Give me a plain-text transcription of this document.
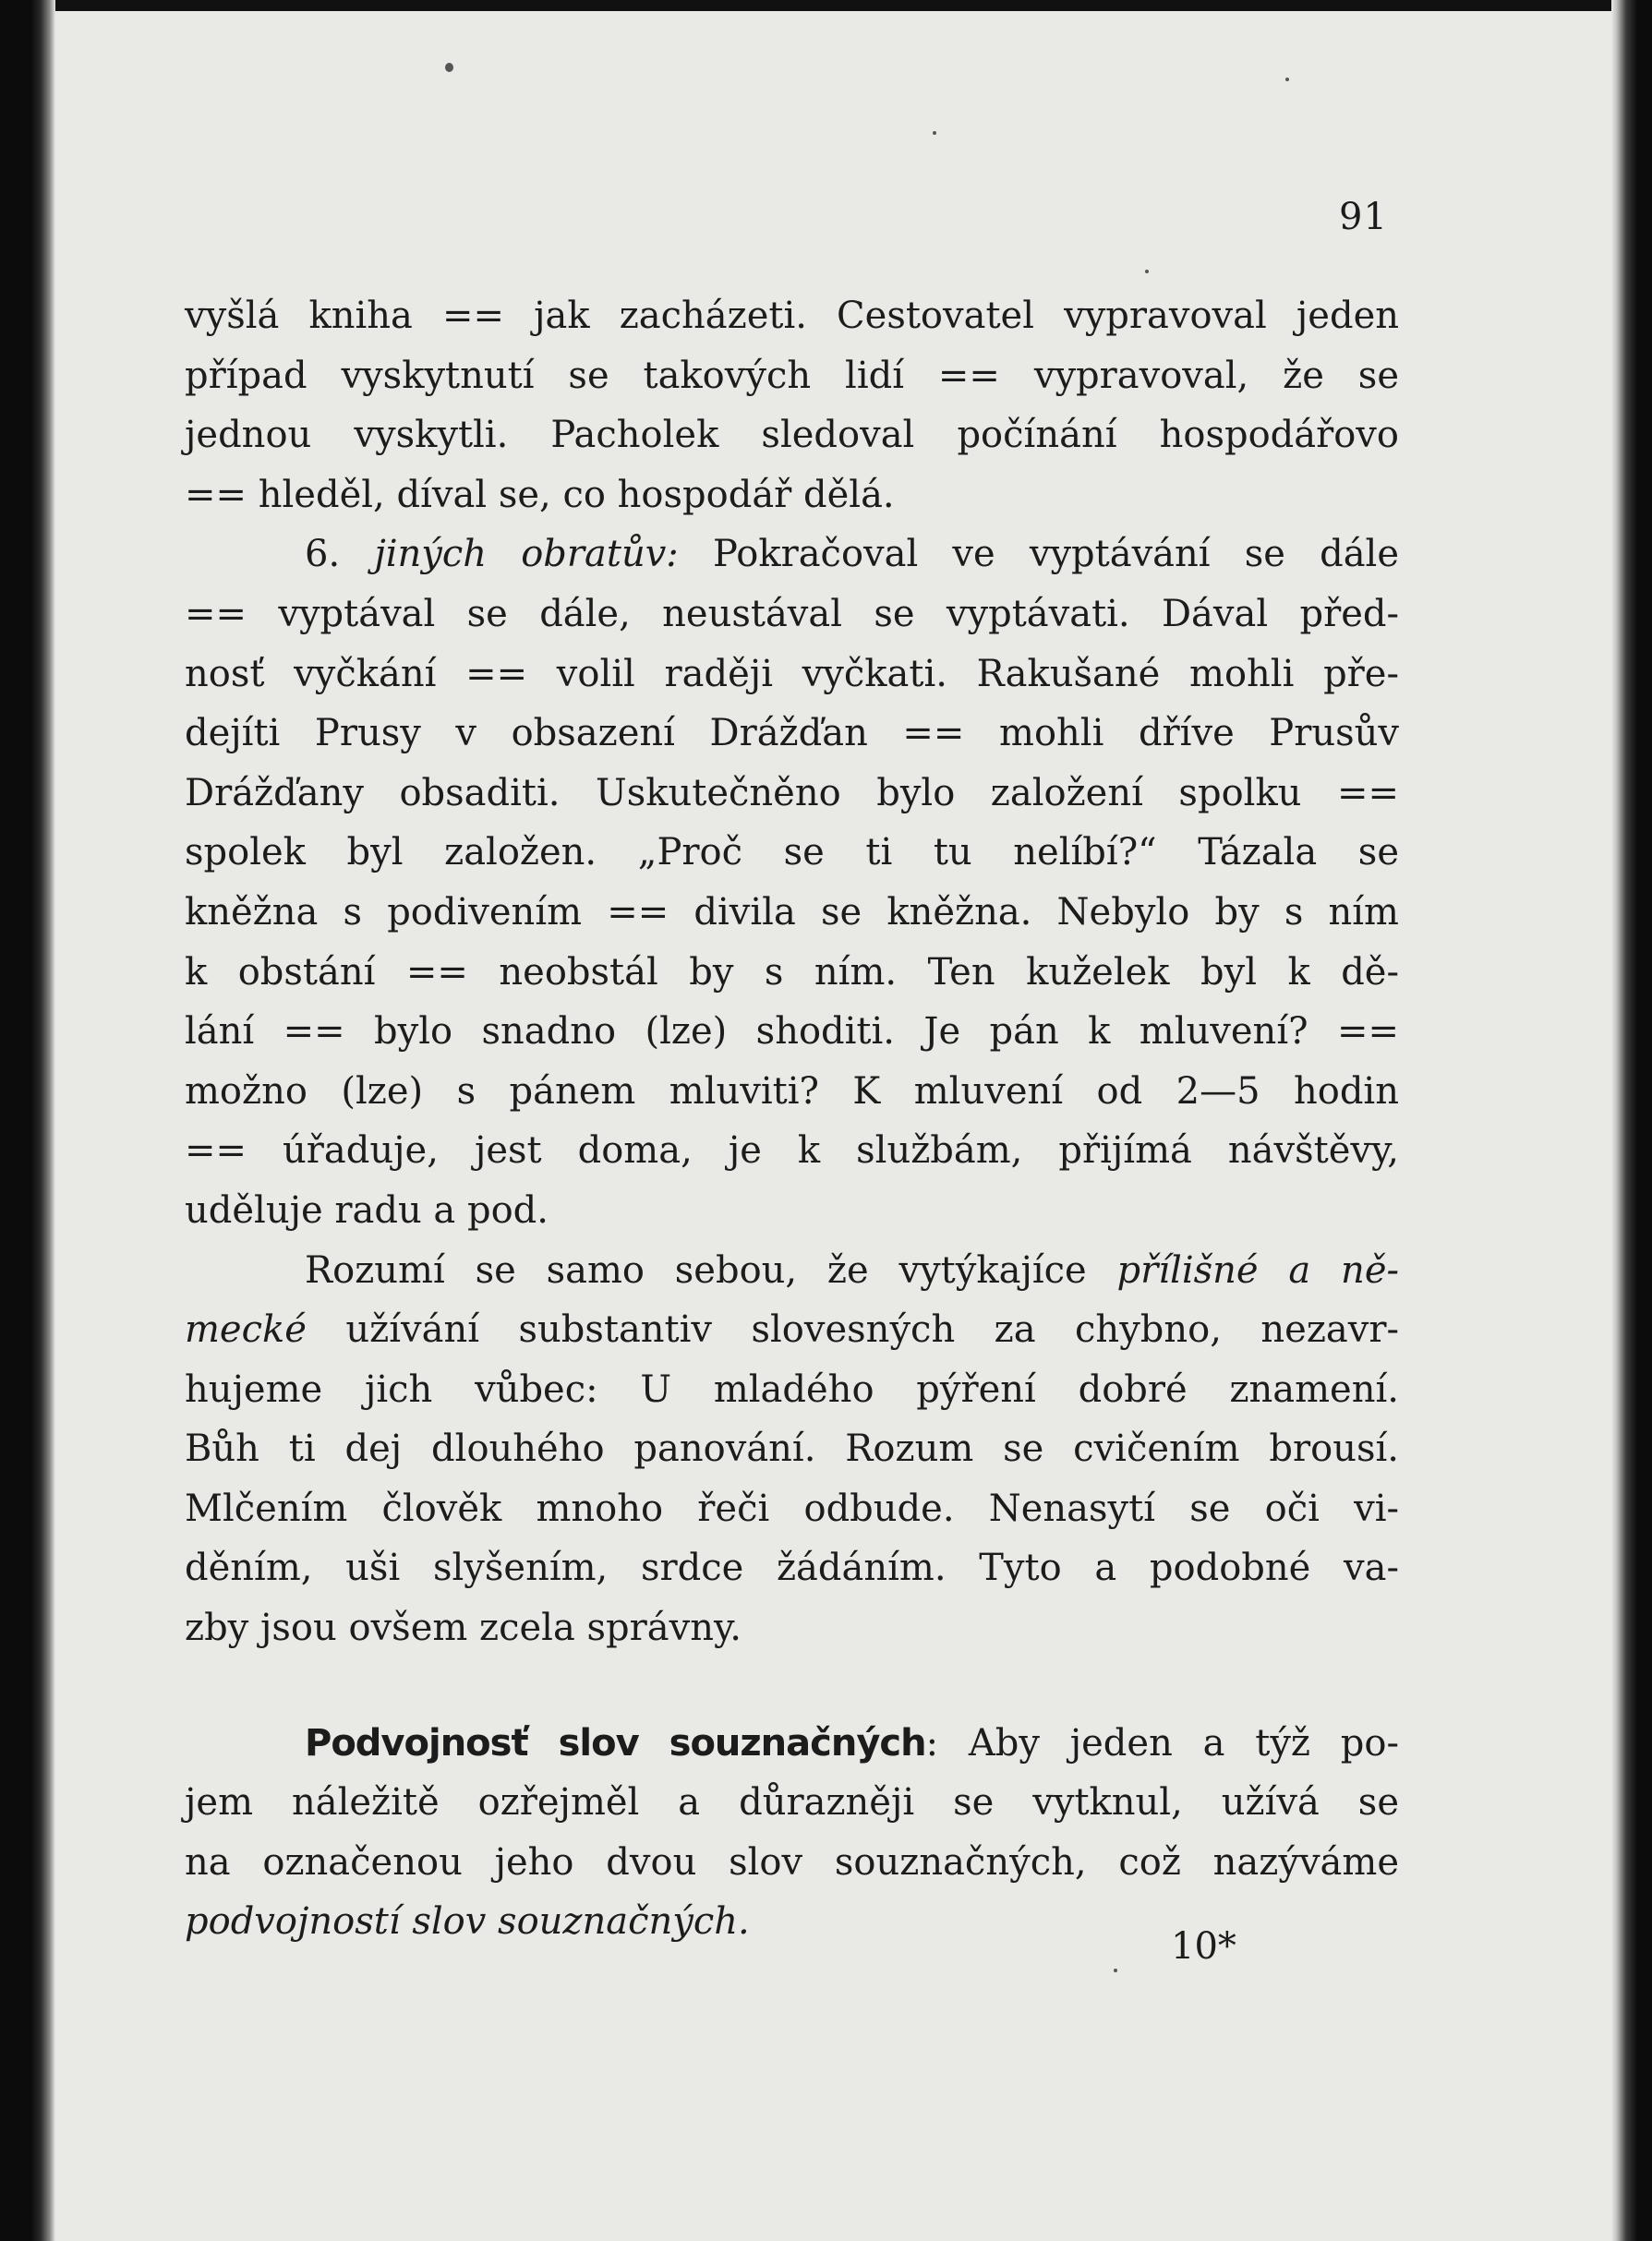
91
vyšlá kniha == jak zacházeti. Cestovatel vypravoval jeden
případ vyskytnutí se takových lidí == vypravoval, že se
jednou vyskytli. Pacholek sledoval počínání hospodářovo
== hleděl, díval se, co hospodář dělá.
6. jiných obratův: Pokračoval ve vyptávání se dále
== vyptával se dále, neustával se vyptávati. Dával před-
nosť vyčkání == volil raději vyčkati. Rakušané mohli pře-
dejíti Prusy v obsazení Drážďan == mohli dříve Prusův
Drážďany obsaditi. Uskutečněno bylo založení spolku ==
spolek byl založen. „Proč se ti tu nelíbí?“ Tázala se
kněžna s podivením == divila se kněžna. Nebylo by s ním
k obstání == neobstál by s ním. Ten kuželek byl k dě-
lání == bylo snadno (lze) shoditi. Je pán k mluvení? ==
možno (lze) s pánem mluviti? K mluvení od 2—5 hodin
== úřaduje, jest doma, je k službám, přijímá návštěvy,
uděluje radu a pod.
Rozumí se samo sebou, že vytýkajíce přílišné a ně-
mecké užívání substantiv slovesných za chybno, nezavr-
hujeme jich vůbec: U mladého pýření dobré znamení.
Bůh ti dej dlouhého panování. Rozum se cvičením brousí.
Mlčením člověk mnoho řeči odbude. Nenasytí se oči vi-
děním, uši slyšením, srdce žádáním. Tyto a podobné va-
zby jsou ovšem zcela správny.
Podvojnosť slov souznačných: Aby jeden a týž po-
jem náležitě ozřejměl a důrazněji se vytknul, užívá se
na označenou jeho dvou slov souznačných, což nazýváme
podvojností slov souznačných.
10*
